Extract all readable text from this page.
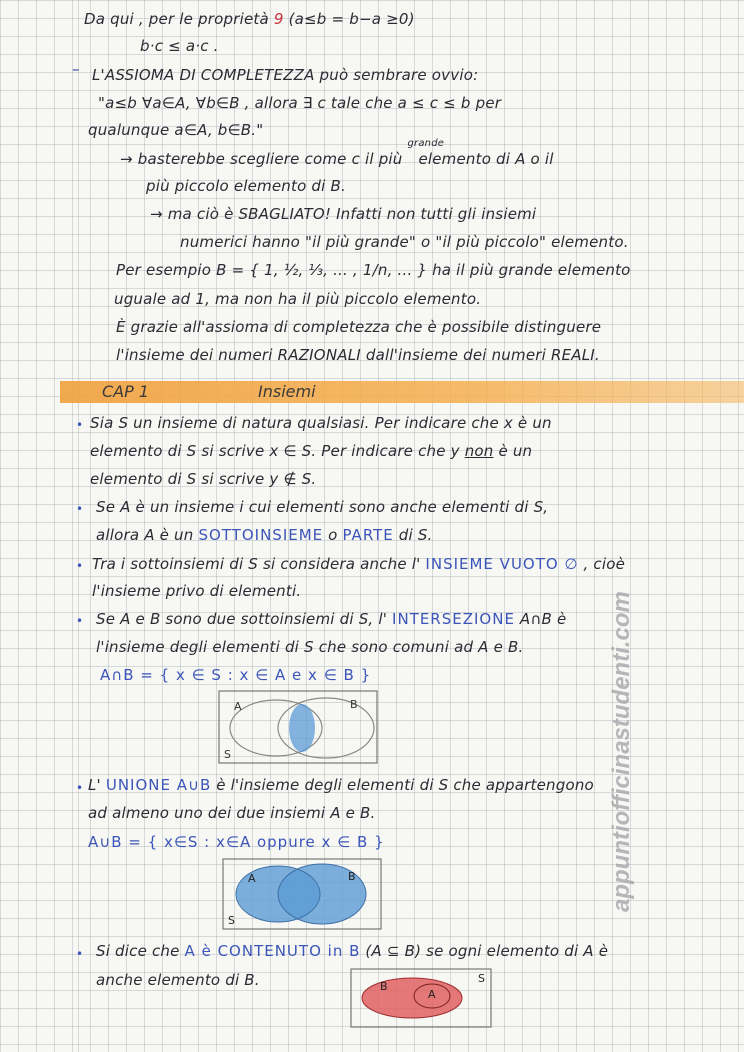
Da qui , per le proprietà 9 (a≤b = b−a ≥0)
b·c ≤ a·c .
– L'ASSIOMA DI COMPLETEZZA può sembrare ovvio:
"a≤b ∀a∈A, ∀b∈B , allora ∃ c tale che a ≤ c ≤ b per
qualunque a∈A, b∈B."
→ basterebbe scegliere come c il più
grande
elemento di A o il
più piccolo elemento di B.
→ ma ciò è SBAGLIATO! Infatti non tutti gli insiemi
numerici hanno "il più grande" o "il più piccolo" elemento.
Per esempio B = { 1, ½, ⅓, ... , 1/n, ... } ha il più grande elemento
uguale ad 1, ma non ha il più piccolo elemento.
È grazie all'assioma di completezza che è possibile distinguere
l'insieme dei numeri RAZIONALI dall'insieme dei numeri REALI.
CAP 1	Insiemi
• Sia S un insieme di natura qualsiasi. Per indicare che x è un
elemento di S si scrive x ∈ S. Per indicare che y non è un
elemento di S si scrive y ∉ S.
• Se A è un insieme i cui elementi sono anche elementi di S,
allora A è un SOTTOINSIEME o PARTE di S.
• Tra i sottoinsiemi di S si considera anche l' INSIEME VUOTO ∅ , cioè
l'insieme privo di elementi.
• Se A e B sono due sottoinsiemi di S, l' INTERSEZIONE A∩B è
l'insieme degli elementi di S che sono comuni ad A e B.
A∩B = { x ∈ S : x ∈ A e x ∈ B }
A	B
S
• L' UNIONE A∪B è l'insieme degli elementi di S che appartengono
ad almeno uno dei due insiemi A e B.
A∪B = { x∈S : x∈A oppure x ∈ B }
A	B
S
• Si dice che A è CONTENUTO in B (A ⊆ B) se ogni elemento di A è
anche elemento di B.	B
A
S
appuntiofficinastudenti.com
